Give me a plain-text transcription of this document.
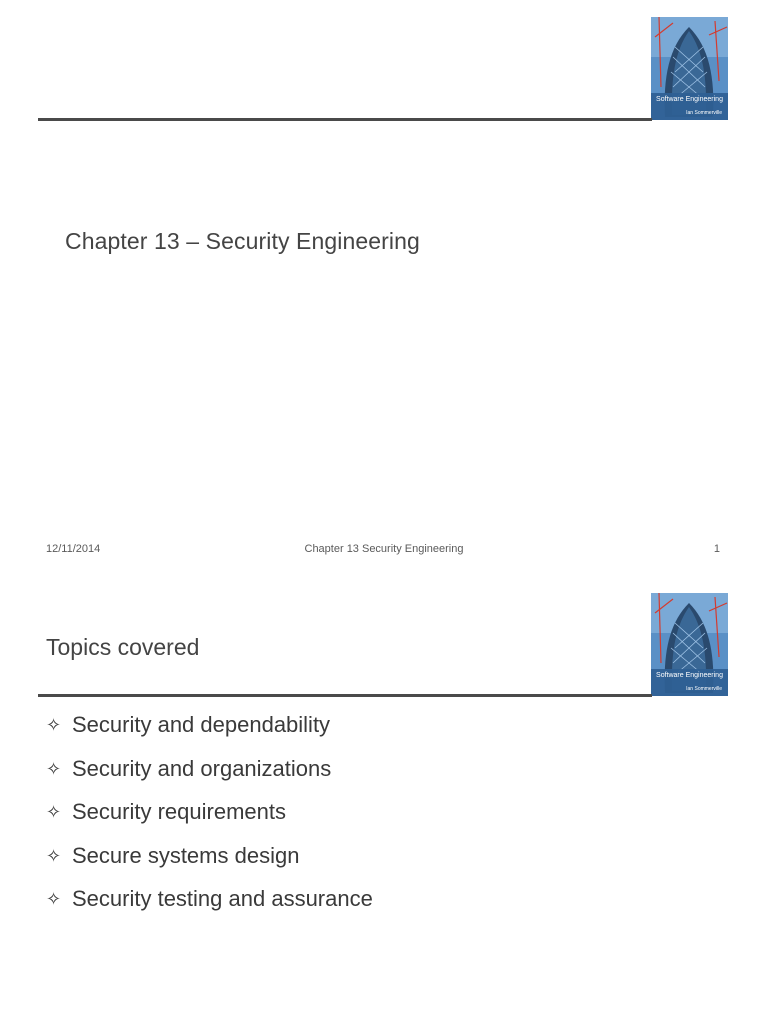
Software Engineering
Ian Sommerville
Chapter 13 – Security Engineering
12/11/2014	Chapter 13 Security Engineering	1
Software Engineering
Ian Sommerville
Topics covered
✧ Security and dependability
✧ Security and organizations
✧ Security requirements
✧ Secure systems design
✧ Security testing and assurance
